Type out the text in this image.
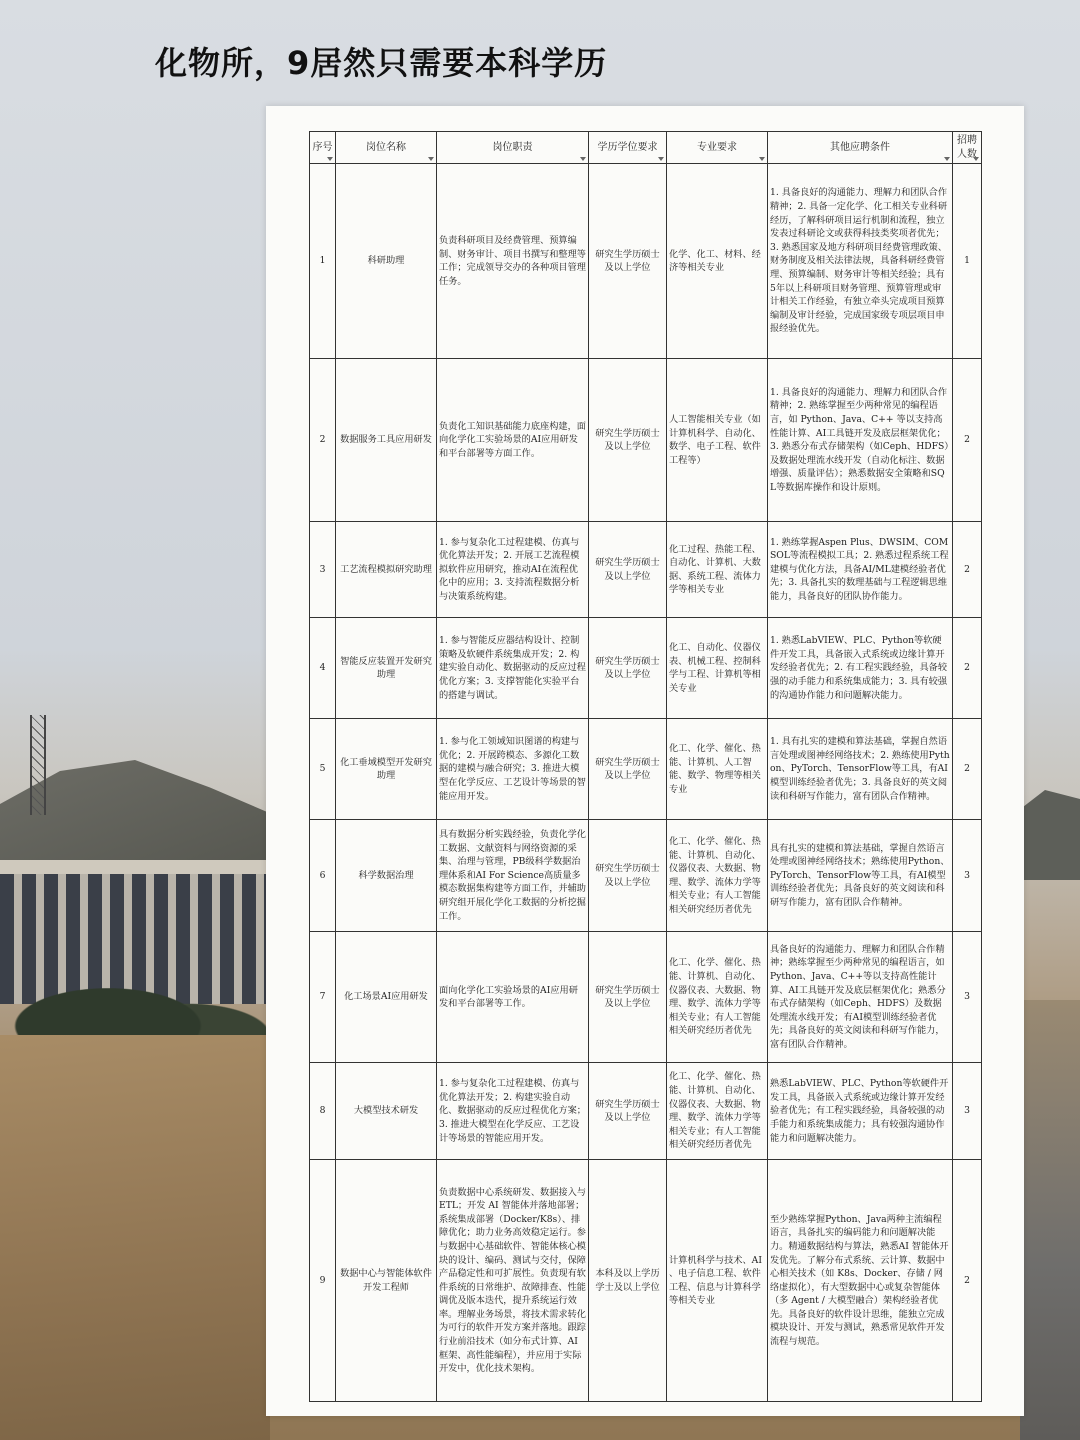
化物所，9居然只需要本科学历
序号	岗位名称	岗位职责	学历学位要求	专业要求	其他应聘条件	招聘人数
1	科研助理	负责科研项目及经费管理、预算编制、财务审计、项目书撰写和整理等工作；完成领导交办的各种项目管理任务。	研究生学历硕士及以上学位	化学、化工、材料、经济等相关专业	1. 具备良好的沟通能力、理解力和团队合作精神；2. 具备一定化学、化工相关专业科研经历，了解科研项目运行机制和流程，独立发表过科研论文或获得科技类奖项者优先；3. 熟悉国家及地方科研项目经费管理政策、财务制度及相关法律法规，具备科研经费管理、预算编制、财务审计等相关经验；具有5年以上科研项目财务管理、预算管理或审计相关工作经验，有独立牵头完成项目预算编制及审计经验，完成国家级专项层项目申报经验优先。	1
2	数据服务工具应用研发	负责化工知识基础能力底座构建，面向化学化工实验场景的AI应用研发和平台部署等方面工作。	研究生学历硕士及以上学位	人工智能相关专业（如计算机科学、自动化、数学、电子工程、软件工程等）	1. 具备良好的沟通能力、理解力和团队合作精神；2. 熟练掌握至少两种常见的编程语言，如 Python、Java、C++ 等以支持高性能计算、AI工具链开发及底层框架优化；3. 熟悉分布式存储架构（如Ceph、HDFS）及数据处理流水线开发（自动化标注、数据增强、质量评估）；熟悉数据安全策略和SQL等数据库操作和设计原则。	2
3	工艺流程模拟研究助理	1. 参与复杂化工过程建模、仿真与优化算法开发；2. 开展工艺流程模拟软件应用研究，推动AI在流程优化中的应用；3. 支持流程数据分析与决策系统构建。	研究生学历硕士及以上学位	化工过程、热能工程、自动化、计算机、大数据、系统工程、流体力学等相关专业	1. 熟练掌握Aspen Plus、DWSIM、COMSOL等流程模拟工具；2. 熟悉过程系统工程建模与优化方法，具备AI/ML建模经验者优先；3. 具备扎实的数理基础与工程逻辑思维能力，具备良好的团队协作能力。	2
4	智能反应装置开发研究助理	1. 参与智能反应器结构设计、控制策略及软硬件系统集成开发；2. 构建实验自动化、数据驱动的反应过程优化方案；3. 支撑智能化实验平台的搭建与调试。	研究生学历硕士及以上学位	化工、自动化、仪器仪表、机械工程、控制科学与工程、计算机等相关专业	1. 熟悉LabVIEW、PLC、Python等软硬件开发工具，具备嵌入式系统或边缘计算开发经验者优先；2. 有工程实践经验，具备较强的动手能力和系统集成能力；3. 具有较强的沟通协作能力和问题解决能力。	2
5	化工垂域模型开发研究助理	1. 参与化工领域知识图谱的构建与优化；2. 开展跨模态、多源化工数据的建模与融合研究；3. 推进大模型在化学反应、工艺设计等场景的智能应用开发。	研究生学历硕士及以上学位	化工、化学、催化、热能、计算机、人工智能、数学、物理等相关专业	1. 具有扎实的建模和算法基础，掌握自然语言处理或图神经网络技术；2. 熟练使用Python、PyTorch、TensorFlow等工具，有AI模型训练经验者优先；3. 具备良好的英文阅读和科研写作能力，富有团队合作精神。	2
6	科学数据治理	具有数据分析实践经验，负责化学化工数据、文献资料与网络资源的采集、治理与管理，PB级科学数据治理体系和AI For Science高质量多模态数据集构建等方面工作，并辅助研究组开展化学化工数据的分析挖掘工作。	研究生学历硕士及以上学位	化工、化学、催化、热能、计算机、自动化、仪器仪表、大数据、物理、数学、流体力学等相关专业；有人工智能相关研究经历者优先	具有扎实的建模和算法基础，掌握自然语言处理或图神经网络技术；熟练使用Python、PyTorch、TensorFlow等工具，有AI模型训练经验者优先；具备良好的英文阅读和科研写作能力，富有团队合作精神。	3
7	化工场景AI应用研发	面向化学化工实验场景的AI应用研发和平台部署等工作。	研究生学历硕士及以上学位	化工、化学、催化、热能、计算机、自动化、仪器仪表、大数据、物理、数学、流体力学等相关专业；有人工智能相关研究经历者优先	具备良好的沟通能力、理解力和团队合作精神；熟练掌握至少两种常见的编程语言，如Python、Java、C++等以支持高性能计算、AI工具链开发及底层框架优化；熟悉分布式存储架构（如Ceph、HDFS）及数据处理流水线开发；有AI模型训练经验者优先；具备良好的英文阅读和科研写作能力，富有团队合作精神。	3
8	大模型技术研发	1. 参与复杂化工过程建模、仿真与优化算法开发；2. 构建实验自动化、数据驱动的反应过程优化方案；3. 推进大模型在化学反应、工艺设计等场景的智能应用开发。	研究生学历硕士及以上学位	化工、化学、催化、热能、计算机、自动化、仪器仪表、大数据、物理、数学、流体力学等相关专业；有人工智能相关研究经历者优先	熟悉LabVIEW、PLC、Python等软硬件开发工具，具备嵌入式系统或边缘计算开发经验者优先；有工程实践经验，具备较强的动手能力和系统集成能力；具有较强沟通协作能力和问题解决能力。	3
9	数据中心与智能体软件开发工程师	负责数据中心系统研发、数据接入与ETL；开发 AI 智能体并落地部署；系统集成部署（Docker/K8s）、排障优化；助力业务高效稳定运行。参与数据中心基础软件、智能体核心模块的设计、编码、测试与交付，保障产品稳定性和可扩展性。负责现有软件系统的日常维护、故障排查、性能调优及版本迭代，提升系统运行效率。理解业务场景，将技术需求转化为可行的软件开发方案并落地。跟踪行业前沿技术（如分布式计算、AI 框架、高性能编程），并应用于实际开发中，优化技术架构。	本科及以上学历学士及以上学位	计算机科学与技术、AI 、电子信息工程、软件工程、信息与计算科学等相关专业	至少熟练掌握Python、Java两种主流编程语言，具备扎实的编码能力和问题解决能力。精通数据结构与算法，熟悉AI 智能体开发优先。了解分布式系统、云计算、数据中心相关技术（如 K8s、Docker、存储 / 网络虚拟化），有大型数据中心或复杂智能体（多 Agent / 大模型融合）架构经验者优先。具备良好的软件设计思维，能独立完成模块设计、开发与测试，熟悉常见软件开发流程与规范。	2
